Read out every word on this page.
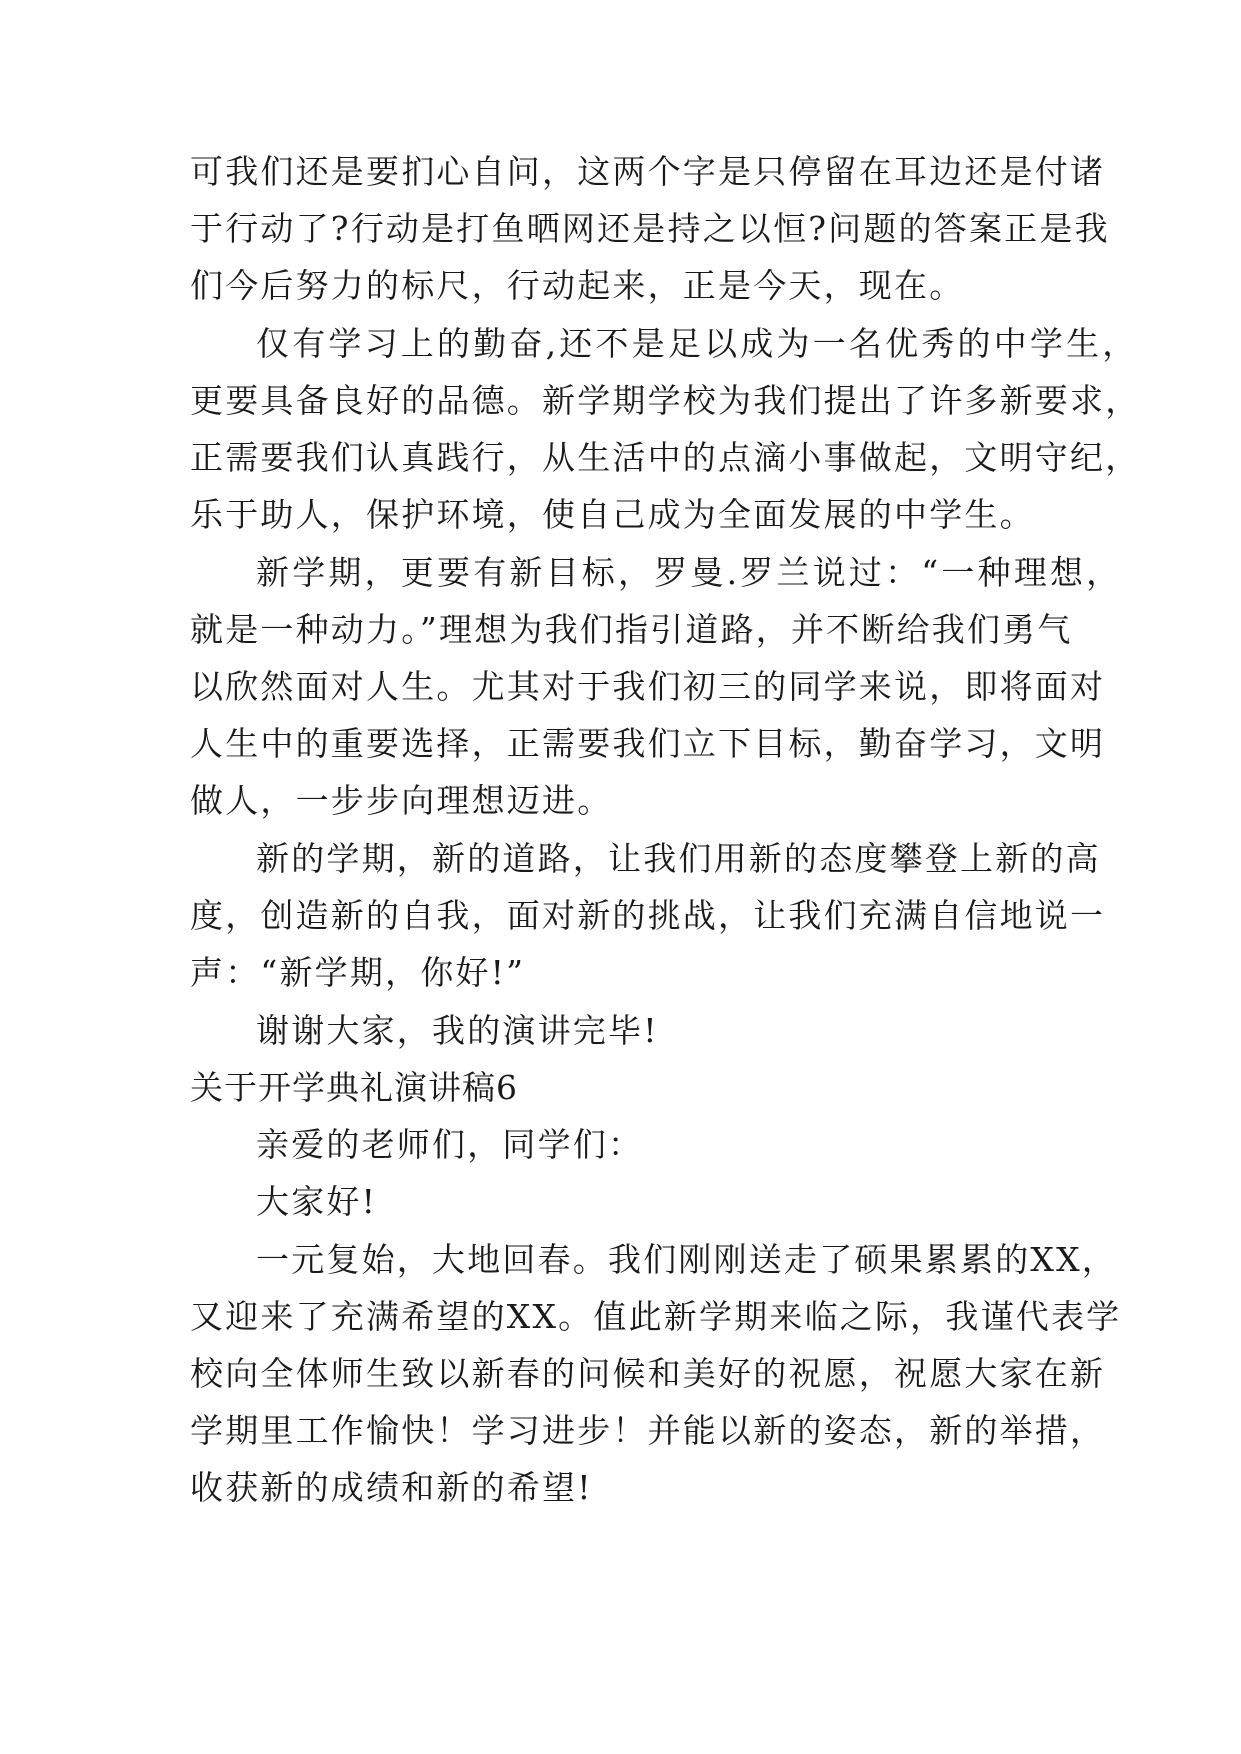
可我们还是要扪心自问，这两个字是只停留在耳边还是付诸
于行动了?行动是打鱼晒网还是持之以恒?问题的答案正是我
们今后努力的标尺，行动起来，正是今天，现在。
仅有学习上的勤奋,还不是足以成为一名优秀的中学生，
更要具备良好的品德。新学期学校为我们提出了许多新要求，
正需要我们认真践行，从生活中的点滴小事做起，文明守纪，
乐于助人，保护环境，使自己成为全面发展的中学生。
新学期，更要有新目标，罗曼.罗兰说过：“一种理想，
就是一种动力。”理想为我们指引道路，并不断给我们勇气
以欣然面对人生。尤其对于我们初三的同学来说，即将面对
人生中的重要选择，正需要我们立下目标，勤奋学习，文明
做人，一步步向理想迈进。
新的学期，新的道路，让我们用新的态度攀登上新的高
度，创造新的自我，面对新的挑战，让我们充满自信地说一
声：“新学期，你好!”
谢谢大家，我的演讲完毕!
关于开学典礼演讲稿6
亲爱的老师们，同学们：
大家好!
一元复始，大地回春。我们刚刚送走了硕果累累的XX，
又迎来了充满希望的XX。值此新学期来临之际，我谨代表学
校向全体师生致以新春的问候和美好的祝愿，祝愿大家在新
学期里工作愉快！学习进步！并能以新的姿态，新的举措，
收获新的成绩和新的希望!
